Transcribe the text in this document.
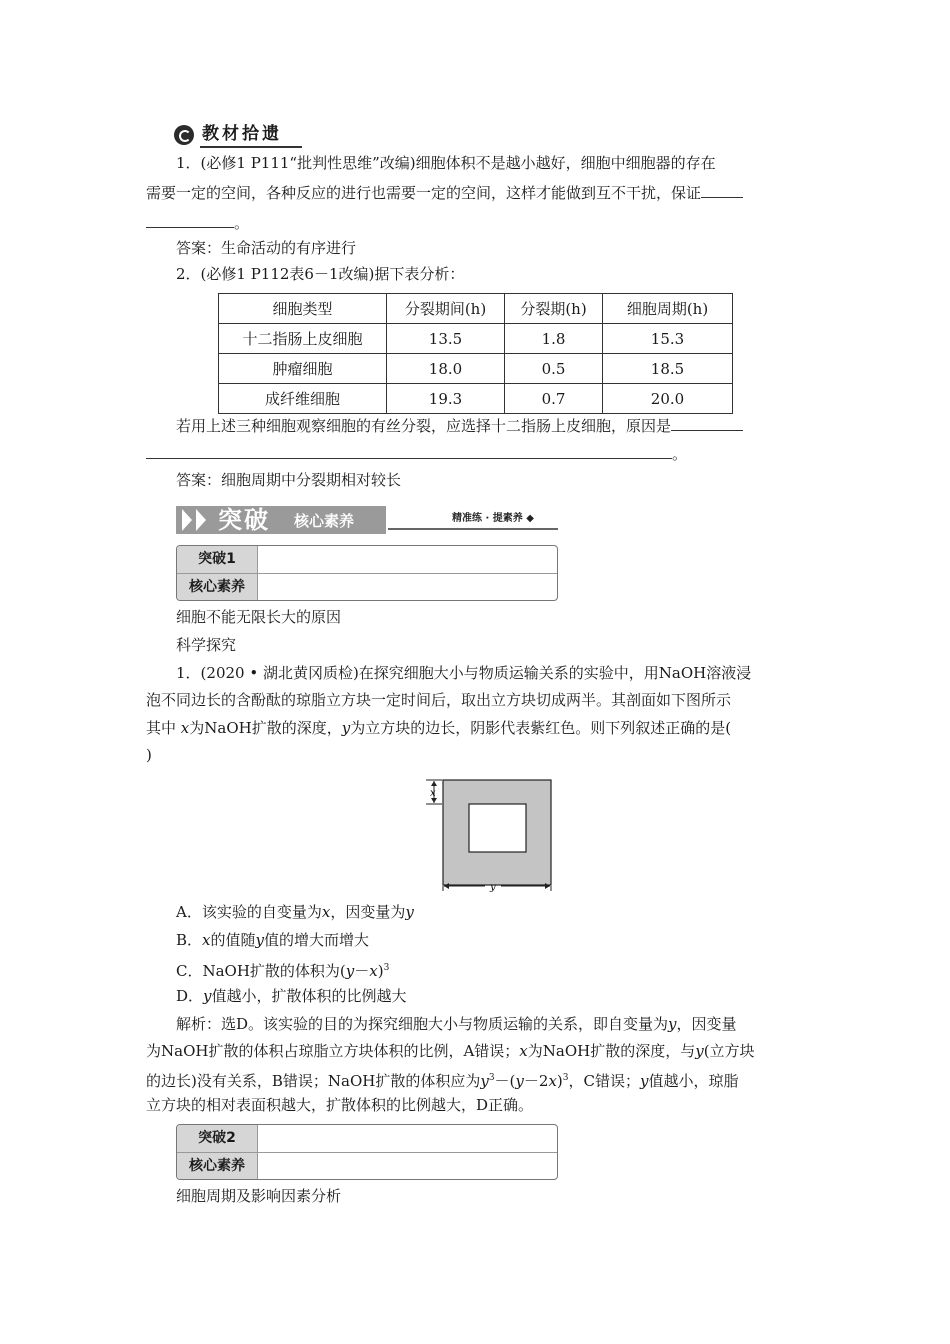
教材拾遗
1．(必修1 P111“批判性思维”改编)细胞体积不是越小越好，细胞中细胞器的存在
需要一定的空间，各种反应的进行也需要一定的空间，这样才能做到互不干扰，保证
。
答案：生命活动的有序进行
2．(必修1 P112表6－1改编)据下表分析：
细胞类型	分裂期间(h)	分裂期(h)	细胞周期(h)
十二指肠上皮细胞	13.5	1.8	15.3
肿瘤细胞	18.0	0.5	18.5
成纤维细胞	19.3	0.7	20.0
若用上述三种细胞观察细胞的有丝分裂，应选择十二指肠上皮细胞，原因是
。
答案：细胞周期中分裂期相对较长
突破 核心素养	精准练 · 提素养 ◆
突破1
核心素养
细胞不能无限长大的原因
科学探究
1．(2020 • 湖北黄冈质检)在探究细胞大小与物质运输关系的实验中，用NaOH溶液浸
泡不同边长的含酚酞的琼脂立方块一定时间后，取出立方块切成两半。其剖面如下图所示
其中 x为NaOH扩散的深度，y为立方块的边长，阴影代表紫红色。则下列叙述正确的是(
)
x
y
A．该实验的自变量为x，因变量为y
B．x的值随y值的增大而增大
C．NaOH扩散的体积为$(y-x)^3$
D．y值越小，扩散体积的比例越大
解析：选D。该实验的目的为探究细胞大小与物质运输的关系，即自变量为y，因变量
为NaOH扩散的体积占琼脂立方块体积的比例，A错误；x为NaOH扩散的深度，与y(立方块
的边长)没有关系，B错误；NaOH扩散的体积应为$y^3-(y-2x)^3$，C错误；y值越小，琼脂
立方块的相对表面积越大，扩散体积的比例越大，D正确。
突破2
核心素养
细胞周期及影响因素分析
